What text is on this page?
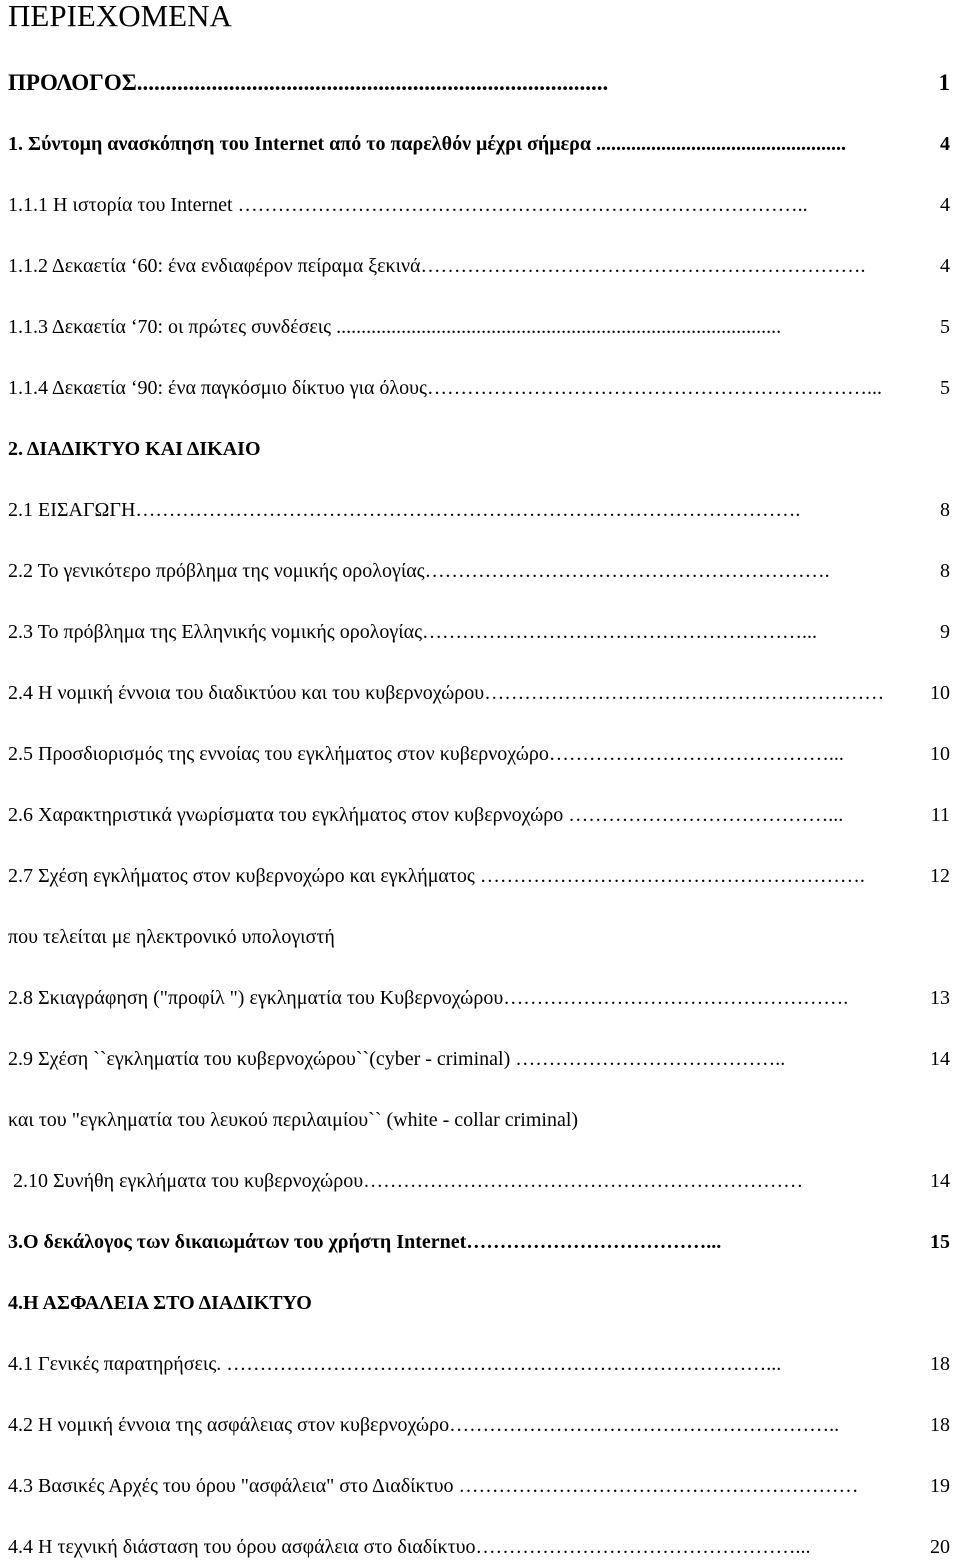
ΠΕΡΙΕΧΟΜΕΝΑ
ΠΡΟΛΟΓΟΣ..................................................................................	1
1. Σύντομη ανασκόπηση του Internet από το παρελθόν μέχρι σήμερα ..................................................	4
1.1.1 Η ιστορία του Internet …………………………………………………………………………..	4
1.1.2 Δεκαετία ‘60: ένα ενδιαφέρον πείραμα ξεκινά………………………………………………………….	4
1.1.3 Δεκαετία ‘70: οι πρώτες συνδέσεις .........................................................................................	5
1.1.4 Δεκαετία ‘90: ένα παγκόσμιο δίκτυο για όλους…………………………………………………………...	5
2. ΔΙΑΔΙΚΤΥΟ ΚΑΙ ΔΙΚΑΙΟ
2.1 ΕΙΣΑΓΩΓΗ……………………………………………………………………………………….	8
2.2 Το γενικότερο πρόβλημα της νομικής ορολογίας…………………………………………………….	8
2.3 Το πρόβλημα της Ελληνικής νομικής ορολογίας…………………………………………………...	9
2.4 Η νομική έννοια του διαδικτύου και του κυβερνοχώρου……………………………………………………	10
2.5 Προσδιορισμός της εννοίας του εγκλήματος στον κυβερνοχώρο……………………………………...	10
2.6 Χαρακτηριστικά γνωρίσματα του εγκλήματος στον κυβερνοχώρο …………………………………...	11
2.7 Σχέση εγκλήματος στον κυβερνοχώρο και εγκλήματος ………………………………………………….	12
που τελείται με ηλεκτρονικό υπολογιστή
2.8 Σκιαγράφηση ("προφίλ ") εγκληματία του Κυβερνοχώρου…………………………………………….	13
2.9 Σχέση ``εγκληματία του κυβερνοχώρου``(cyber - criminal) …………………………………..	14
και του "εγκληματία του λευκού περιλαιμίου`` (white - collar criminal)
2.10 Συνήθη εγκλήματα του κυβερνοχώρου…………………………………………………………	14
3.Ο δεκάλογος των δικαιωμάτων του χρήστη Internet………………………………...	15
4.Η ΑΣΦΑΛΕΙΑ ΣΤΟ ΔΙΑΔΙΚΤΥΟ
4.1 Γενικές παρατηρήσεις. ………………………………………………………………………...	18
4.2 Η νομική έννοια της ασφάλειας στον κυβερνοχώρο…………………………………………………..	18
4.3 Βασικές Αρχές του όρου "ασφάλεια" στο Διαδίκτυο ……………………………………………………	19
4.4 Η τεχνική διάσταση του όρου ασφάλεια στο διαδίκτυο…………………………………………...	20
